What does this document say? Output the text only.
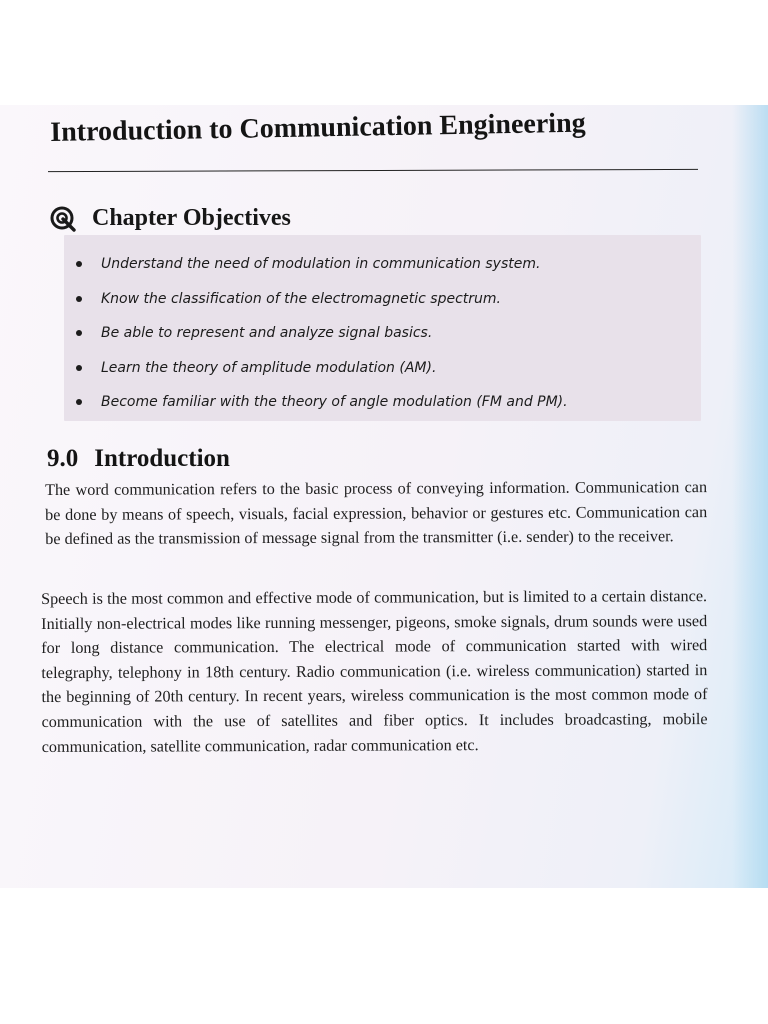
Introduction to Communication Engineering
Chapter Objectives
Understand the need of modulation in communication system.
Know the classification of the electromagnetic spectrum.
Be able to represent and analyze signal basics.
Learn the theory of amplitude modulation (AM).
Become familiar with the theory of angle modulation (FM and PM).
9.0 Introduction

The word communication refers to the basic process of conveying information. Communication can be done by means of speech, visuals, facial expression, behavior or gestures etc. Communication can be defined as the transmission of message signal from the transmitter (i.e. sender) to the receiver.

Speech is the most common and effective mode of communication, but is limited to a certain distance. Initially non-electrical modes like running messenger, pigeons, smoke signals, drum sounds were used for long distance communication. The electrical mode of communication started with wired telegraphy, telephony in 18th century. Radio communication (i.e. wireless communication) started in the beginning of 20th century. In recent years, wireless communication is the most common mode of communication with the use of satellites and fiber optics. It includes broadcasting, mobile communication, satellite communication, radar communication etc.
